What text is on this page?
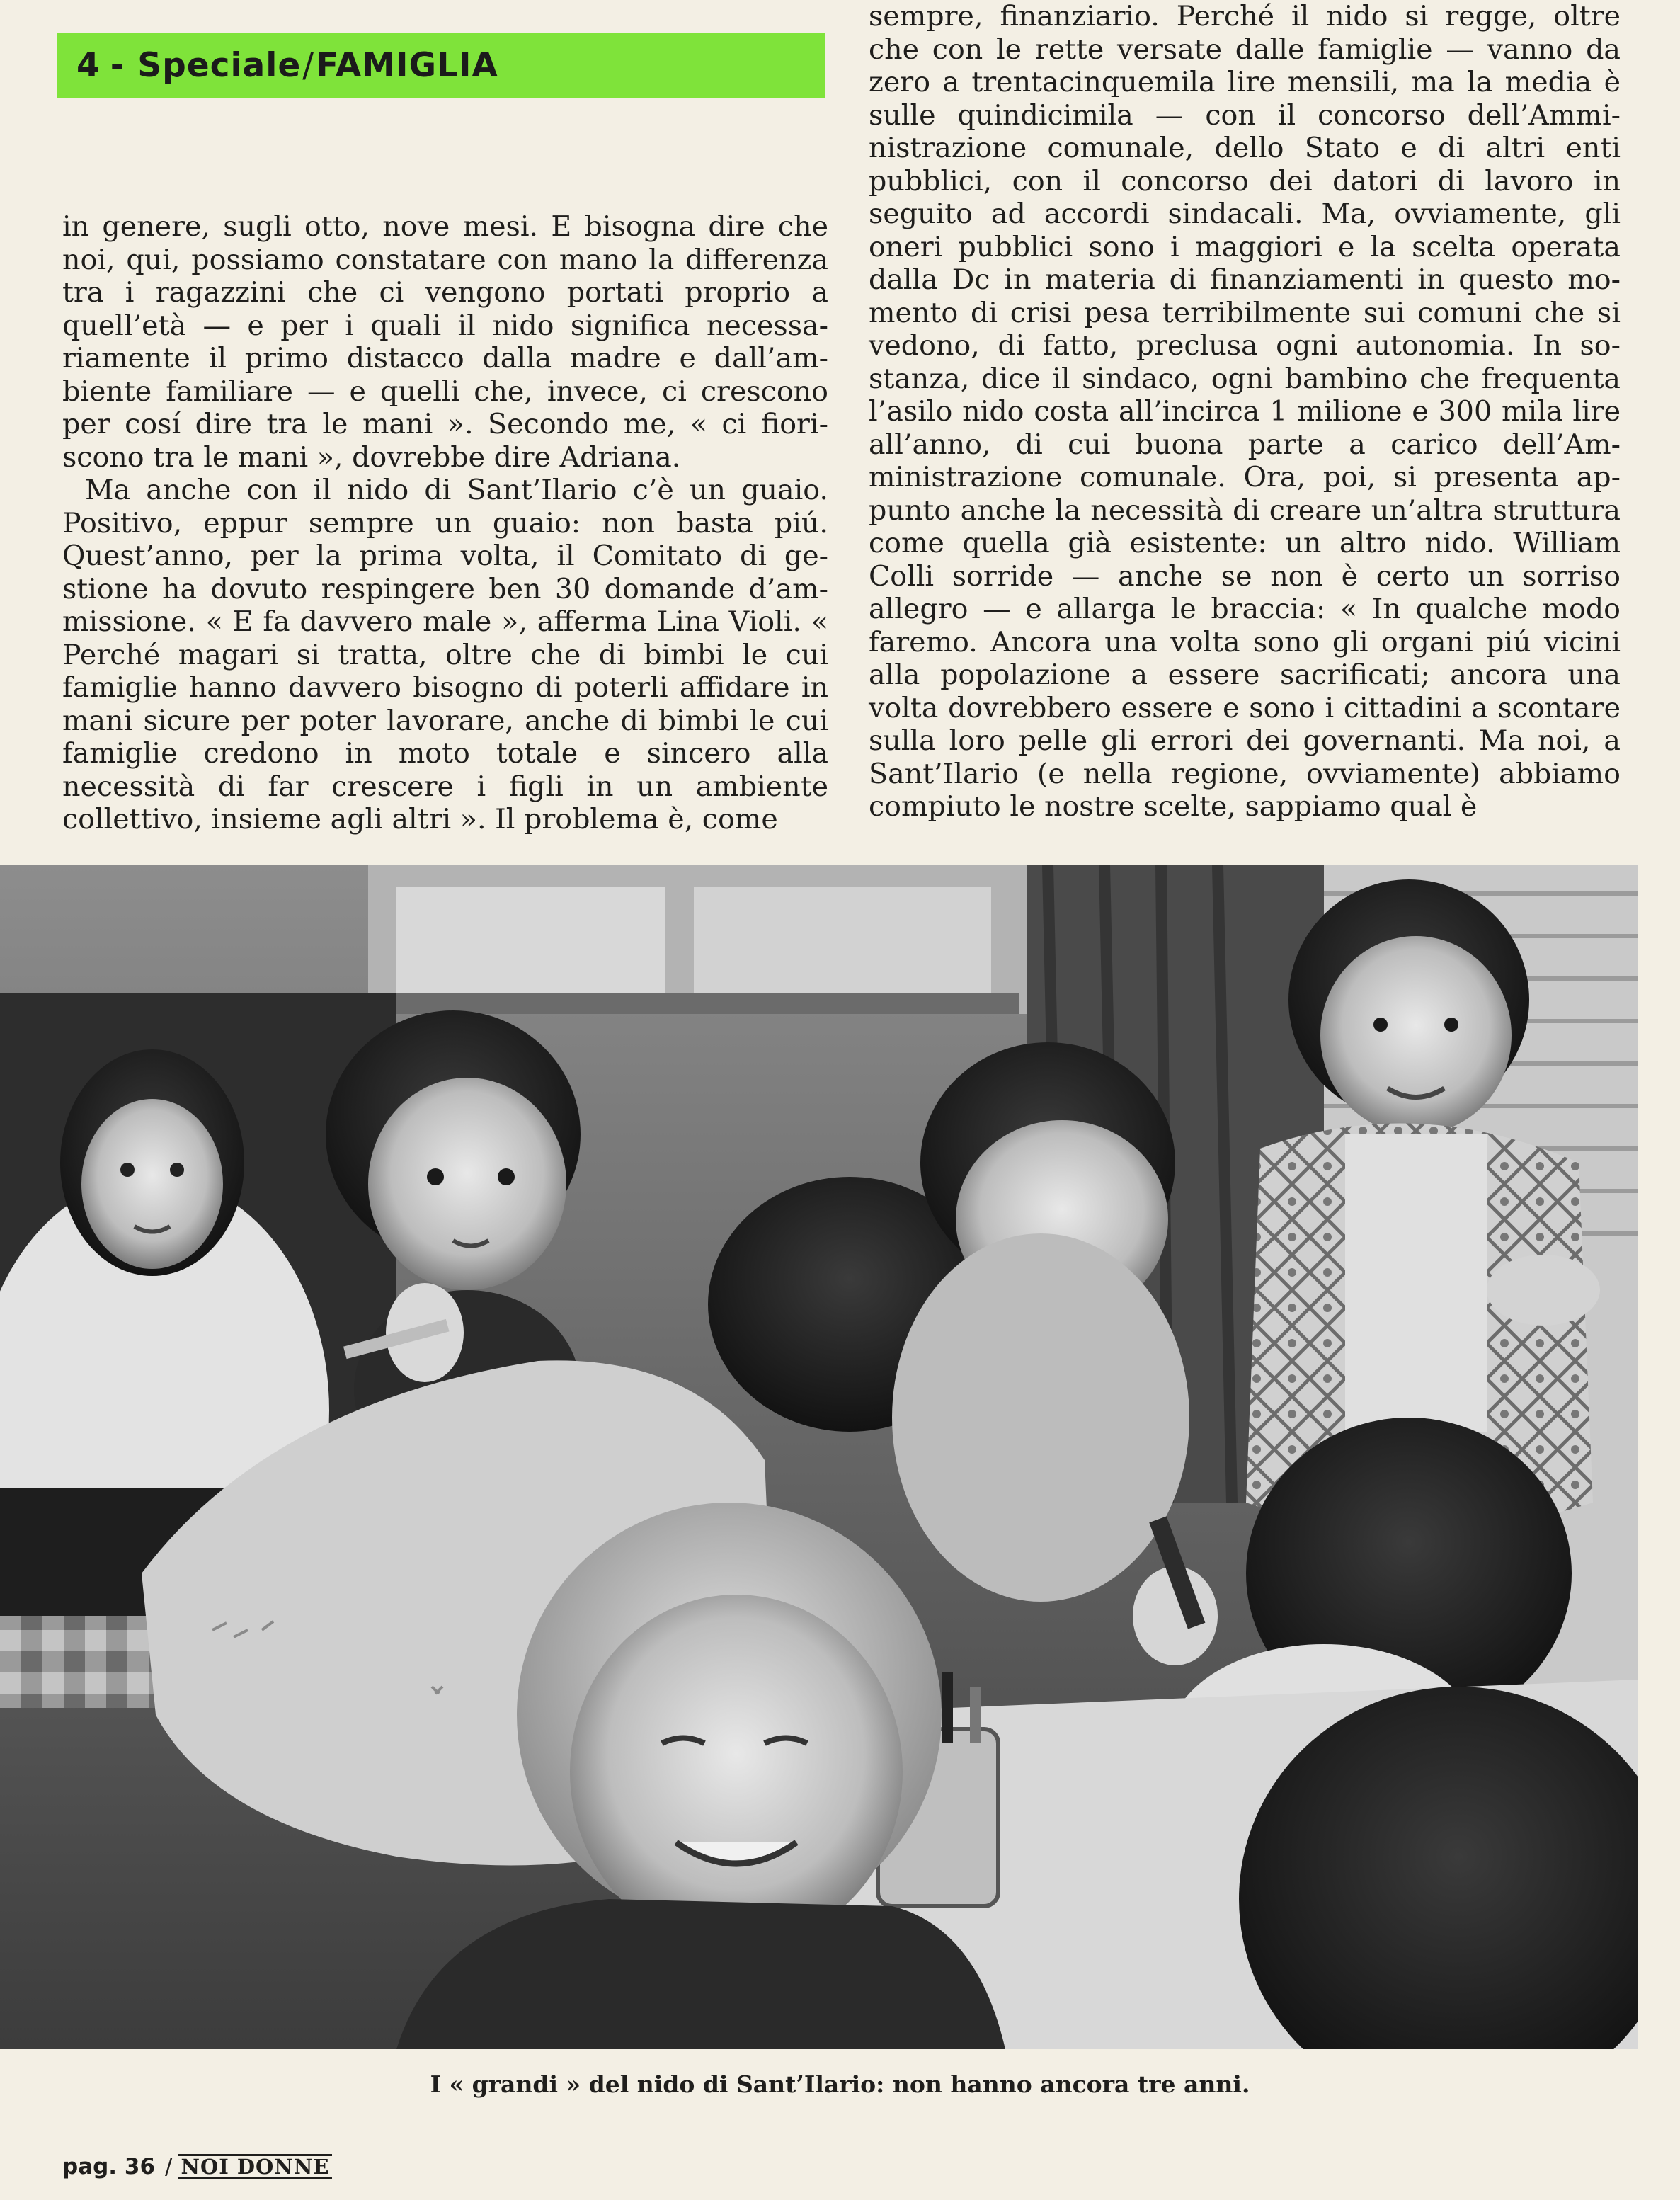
4 - Speciale / FAMIGLIA

in genere, sugli otto, nove mesi. E bisogna dire che noi, qui, possiamo constatare con mano la differenza tra i ragazzini che ci vengono portati proprio a quell’età — e per i quali il nido significa necessariamente il primo distacco dalla madre e dall’ambiente familiare — e quelli che, invece, ci crescono per cosí dire tra le mani ». Secondo me, « ci fioriscono tra le mani », dovrebbe dire Adriana.

Ma anche con il nido di Sant’Ilario c’è un guaio. Positivo, eppur sempre un guaio: non basta piú. Quest’anno, per la prima volta, il Comitato di gestione ha dovuto respingere ben 30 domande d’ammissione. « E fa davvero male », afferma Lina Violi. « Perché magari si tratta, oltre che di bimbi le cui famiglie hanno davvero bisogno di poterli affidare in mani sicure per poter lavorare, anche di bimbi le cui famiglie credono in moto totale e sincero alla necessità di far crescere i figli in un ambiente collettivo, insieme agli altri ». Il problema è, come

sempre, finanziario. Perché il nido si regge, oltre che con le rette versate dalle famiglie — vanno da zero a trentacinquemila lire mensili, ma la media è sulle quindicimila — con il concorso dell’Amministrazione comunale, dello Stato e di altri enti pubblici, con il concorso dei datori di lavoro in seguito ad accordi sindacali. Ma, ovviamente, gli oneri pubblici sono i maggiori e la scelta operata dalla Dc in materia di finanziamenti in questo momento di crisi pesa terribilmente sui comuni che si vedono, di fatto, preclusa ogni autonomia. In sostanza, dice il sindaco, ogni bambino che frequenta l’asilo nido costa all’incirca 1 milione e 300 mila lire all’anno, di cui buona parte a carico dell’Amministrazione comunale. Ora, poi, si presenta appunto anche la necessità di creare un’altra struttura come quella già esistente: un altro nido. William Colli sorride — anche se non è certo un sorriso allegro — e allarga le braccia: « In qualche modo faremo. Ancora una volta sono gli organi piú vicini alla popolazione a essere sacrificati; ancora una volta dovrebbero essere e sono i cittadini a scontare sulla loro pelle gli errori dei governanti. Ma noi, a Sant’Ilario (e nella regione, ovviamente) abbiamo compiuto le nostre scelte, sappiamo qual è

I « grandi » del nido di Sant’Ilario: non hanno ancora tre anni.
pag. 36 / NOI DONNE
